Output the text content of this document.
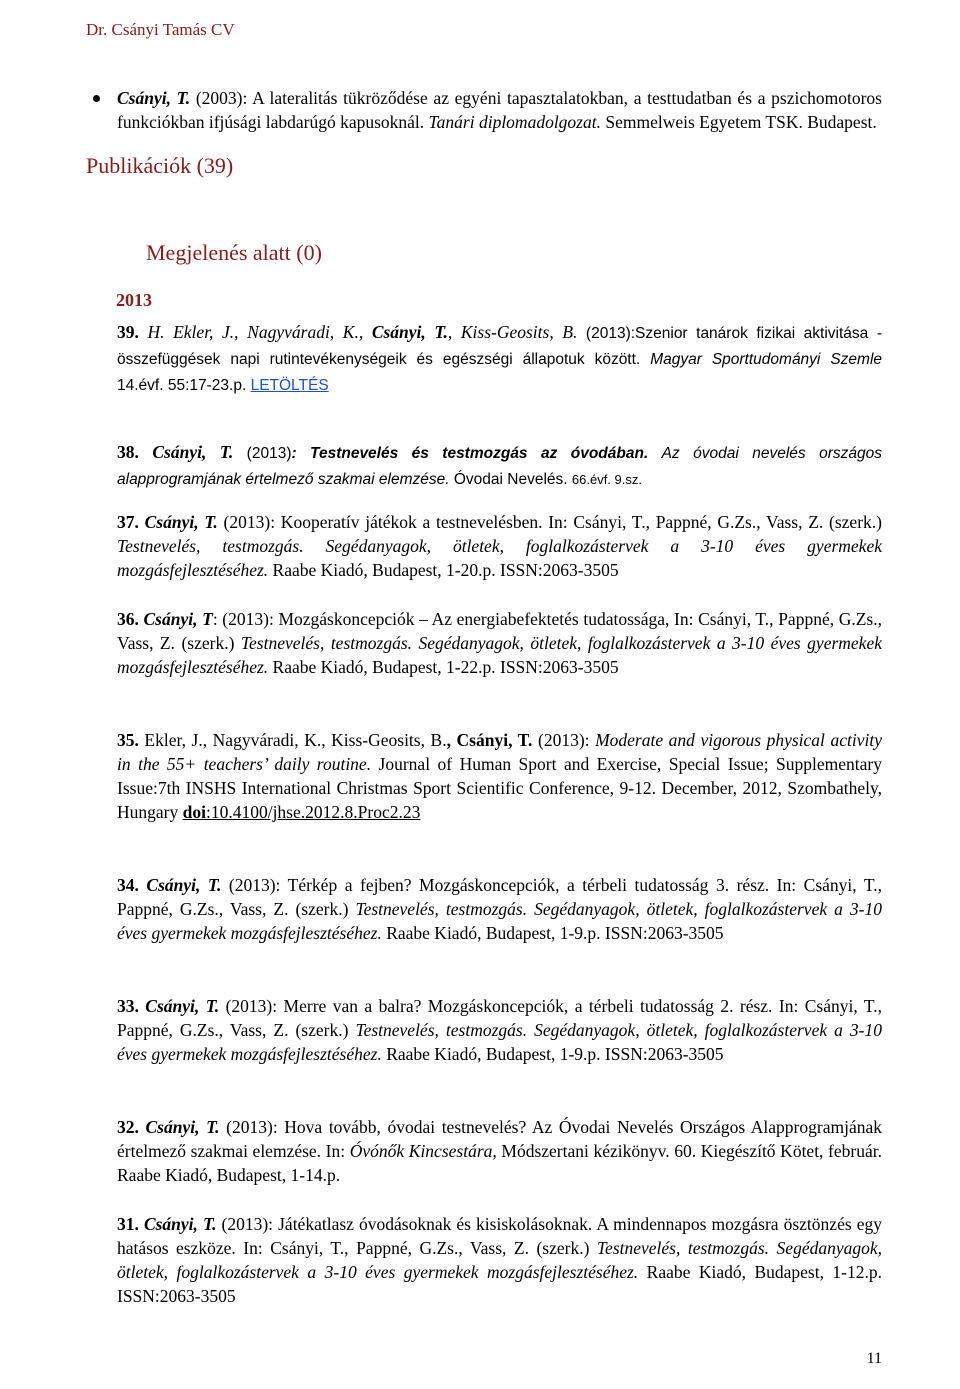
Dr. Csányi Tamás CV
Csányi, T. (2003): A lateralitás tükröződése az egyéni tapasztalatokban, a testtudatban és a pszichomotoros funkciókban ifjúsági labdarúgó kapusoknál. Tanári diplomadolgozat. Semmelweis Egyetem TSK. Budapest.
Publikációk (39)
Megjelenés alatt (0)
2013
39. H. Ekler, J., Nagyváradi, K., Csányi, T., Kiss-Geosits, B. (2013):Szenior tanárok fizikai aktivitása - összefüggések napi rutintevékenységeik és egészségi állapotuk között. Magyar Sporttudományi Szemle 14.évf. 55:17-23.p. LETÖLTÉS
38. Csányi, T. (2013): Testnevelés és testmozgás az óvodában. Az óvodai nevelés országos alapprogramjának értelmező szakmai elemzése. Óvodai Nevelés. 66.évf. 9.sz.
37. Csányi, T. (2013): Kooperatív játékok a testnevelésben. In: Csányi, T., Pappné, G.Zs., Vass, Z. (szerk.) Testnevelés, testmozgás. Segédanyagok, ötletek, foglalkozástervek a 3-10 éves gyermekek mozgásfejlesztéséhez. Raabe Kiadó, Budapest, 1-20.p. ISSN:2063-3505
36. Csányi, T: (2013): Mozgáskoncepciók – Az energiabefektetés tudatossága, In: Csányi, T., Pappné, G.Zs., Vass, Z. (szerk.) Testnevelés, testmozgás. Segédanyagok, ötletek, foglalkozástervek a 3-10 éves gyermekek mozgásfejlesztéséhez. Raabe Kiadó, Budapest, 1-22.p. ISSN:2063-3505
35. Ekler, J., Nagyváradi, K., Kiss-Geosits, B., Csányi, T. (2013): Moderate and vigorous physical activity in the 55+ teachers’ daily routine. Journal of Human Sport and Exercise, Special Issue; Supplementary Issue:7th INSHS International Christmas Sport Scientific Conference, 9-12. December, 2012, Szombathely, Hungary doi:10.4100/jhse.2012.8.Proc2.23
34. Csányi, T. (2013): Térkép a fejben? Mozgáskoncepciók, a térbeli tudatosság 3. rész. In: Csányi, T., Pappné, G.Zs., Vass, Z. (szerk.) Testnevelés, testmozgás. Segédanyagok, ötletek, foglalkozástervek a 3-10 éves gyermekek mozgásfejlesztéséhez. Raabe Kiadó, Budapest, 1-9.p. ISSN:2063-3505
33. Csányi, T. (2013): Merre van a balra? Mozgáskoncepciók, a térbeli tudatosság 2. rész. In: Csányi, T., Pappné, G.Zs., Vass, Z. (szerk.) Testnevelés, testmozgás. Segédanyagok, ötletek, foglalkozástervek a 3-10 éves gyermekek mozgásfejlesztéséhez. Raabe Kiadó, Budapest, 1-9.p. ISSN:2063-3505
32. Csányi, T. (2013): Hova tovább, óvodai testnevelés? Az Óvodai Nevelés Országos Alapprogramjának értelmező szakmai elemzése. In: Óvónők Kincsestára, Módszertani kézikönyv. 60. Kiegészítő Kötet, február. Raabe Kiadó, Budapest, 1-14.p.
31. Csányi, T. (2013): Játékatlasz óvodásoknak és kisiskolásoknak. A mindennapos mozgásra ösztönzés egy hatásos eszköze. In: Csányi, T., Pappné, G.Zs., Vass, Z. (szerk.) Testnevelés, testmozgás. Segédanyagok, ötletek, foglalkozástervek a 3-10 éves gyermekek mozgásfejlesztéséhez. Raabe Kiadó, Budapest, 1-12.p. ISSN:2063-3505
11
